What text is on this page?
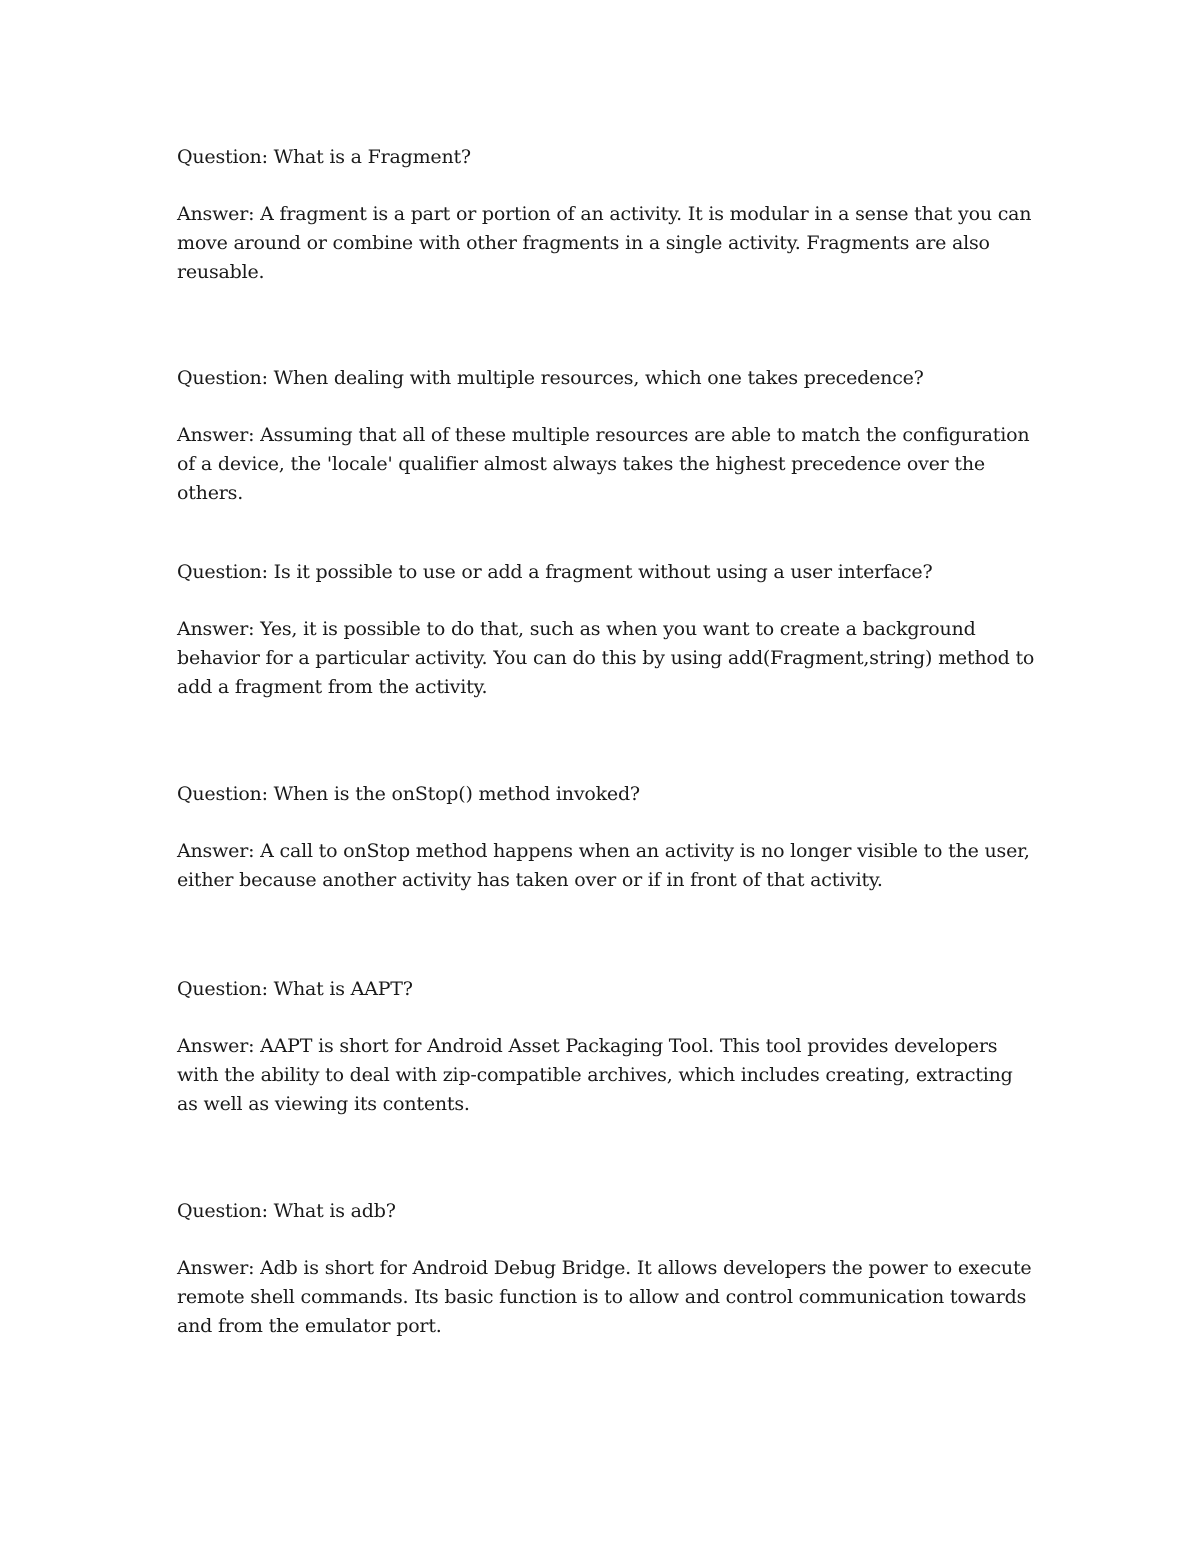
Question: What is a Fragment?

Answer: A fragment is a part or portion of an activity. It is modular in a sense that you can move around or combine with other fragments in a single activity. Fragments are also reusable.

Question: When dealing with multiple resources, which one takes precedence?

Answer: Assuming that all of these multiple resources are able to match the configuration of a device, the 'locale' qualifier almost always takes the highest precedence over the others.

Question: Is it possible to use or add a fragment without using a user interface?

Answer: Yes, it is possible to do that, such as when you want to create a background behavior for a particular activity. You can do this by using add(Fragment,string) method to add a fragment from the activity.

Question: When is the onStop() method invoked?

Answer: A call to onStop method happens when an activity is no longer visible to the user, either because another activity has taken over or if in front of that activity.

Question: What is AAPT?

Answer: AAPT is short for Android Asset Packaging Tool. This tool provides developers with the ability to deal with zip-compatible archives, which includes creating, extracting as well as viewing its contents.

Question: What is adb?

Answer: Adb is short for Android Debug Bridge. It allows developers the power to execute remote shell commands. Its basic function is to allow and control communication towards and from the emulator port.
